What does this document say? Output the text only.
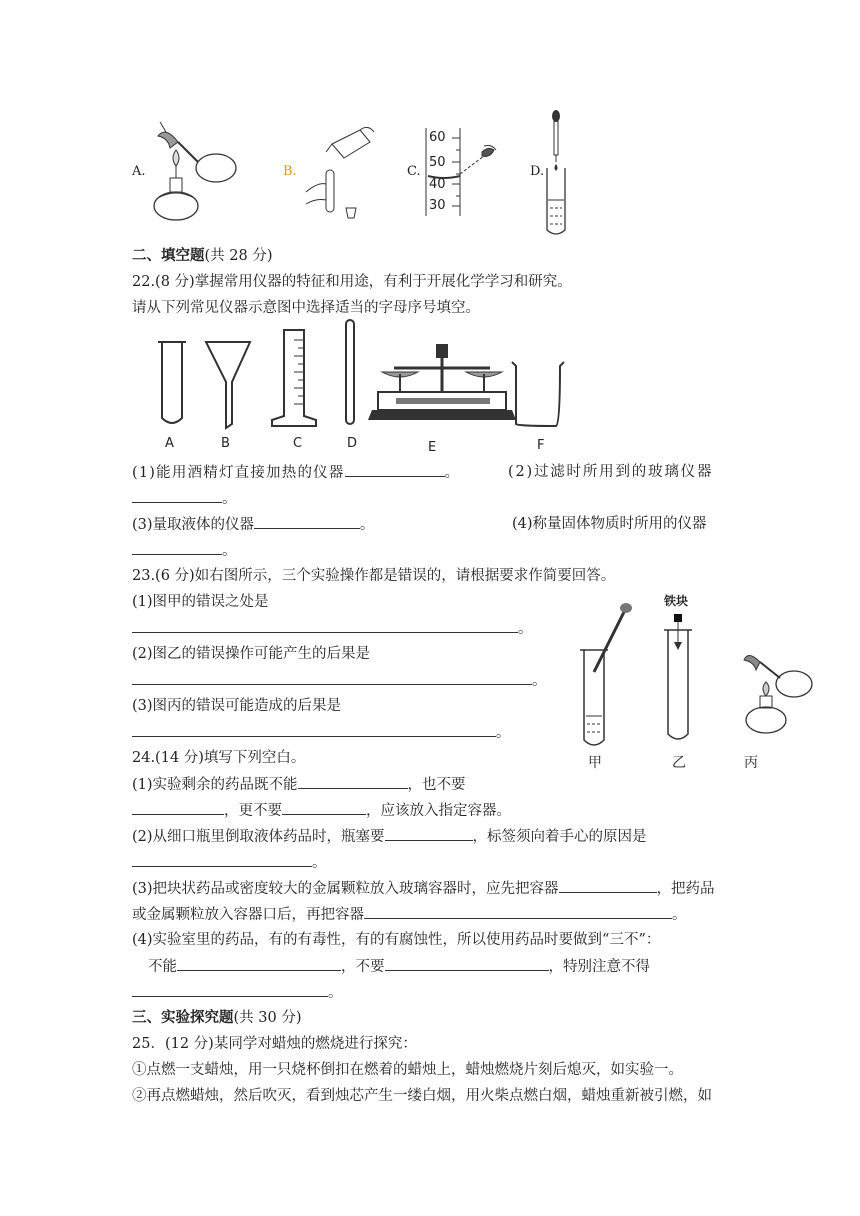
A.	B.	C.
60
50
40
30
D.
二、填空题(共 28 分)
22.(8 分)掌握常用仪器的特征和用途，有利于开展化学学习和研究。
请从下列常见仪器示意图中选择适当的字母序号填空。
A	B	C	D	E	F
(1)能用酒精灯直接加热的仪器	。	(2)过滤时所用到的玻璃仪器
。
(3)量取液体的仪器	。	(4)称量固体物质时所用的仪器
。
23.(6 分)如右图所示，三个实验操作都是错误的，请根据要求作简要回答。
(1)图甲的错误之处是
。
(2)图乙的错误操作可能产生的后果是
。
(3)图丙的错误可能造成的后果是
。
铁块
甲	乙	丙
24.(14 分)填写下列空白。
(1)实验剩余的药品既不能	，也不要
，更不要	，应该放入指定容器。
(2)从细口瓶里倒取液体药品时，瓶塞要	，标签须向着手心的原因是
。
(3)把块状药品或密度较大的金属颗粒放入玻璃容器时，应先把容器	，把药品
或金属颗粒放入容器口后，再把容器	。
(4)实验室里的药品，有的有毒性，有的有腐蚀性，所以使用药品时要做到“三不”：
不能	，不要	，特别注意不得
。
三、实验探究题(共 30 分)
25．(12 分)某同学对蜡烛的燃烧进行探究：
①点燃一支蜡烛，用一只烧杯倒扣在燃着的蜡烛上，蜡烛燃烧片刻后熄灭，如实验一。
②再点燃蜡烛，然后吹灭，看到烛芯产生一缕白烟，用火柴点燃白烟，蜡烛重新被引燃，如
